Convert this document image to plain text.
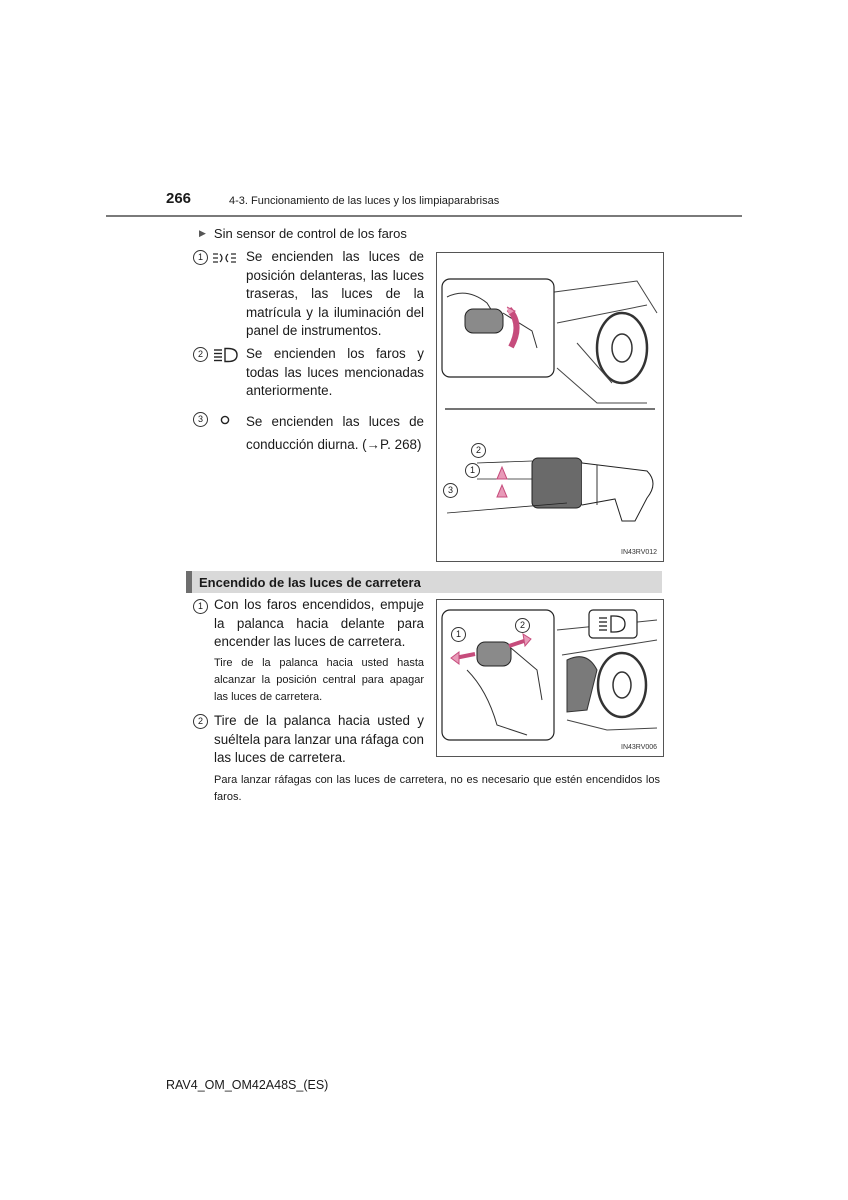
266	4-3. Funcionamiento de las luces y los limpiaparabrisas
▶ Sin sensor de control de los faros
1	Se encienden las luces de posición delanteras, las luces traseras, las luces de la matrícula y la iluminación del panel de instrumentos.
2	Se encienden los faros y todas las luces mencionadas anteriormente.
3	Se encienden las luces de conducción diurna. (→P. 268)	2
1
3
IN43RV012
Encendido de las luces de carretera
1 Con los faros encendidos, empuje la palanca hacia delante para encender las luces de carretera.
Tire de la palanca hacia usted hasta alcanzar la posición central para apagar las luces de carretera.
2 Tire de la palanca hacia usted y suéltela para lanzar una ráfaga con las luces de carretera.
1
2
IN43RV006
Para lanzar ráfagas con las luces de carretera, no es necesario que estén encendidos los faros.
RAV4_OM_OM42A48S_(ES)
